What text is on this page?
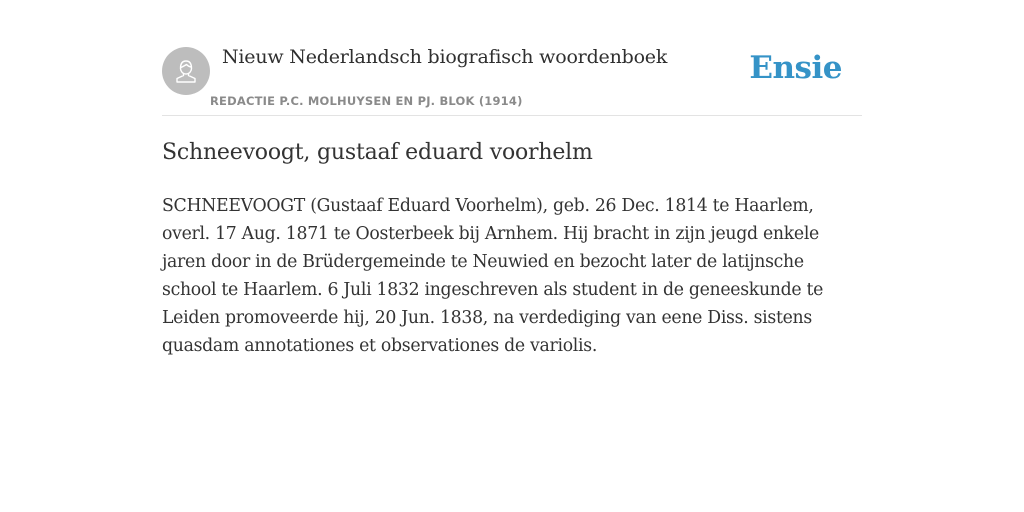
Nieuw Nederlandsch biografisch woordenboek
REDACTIE P.C. MOLHUYSEN EN PJ. BLOK (1914)
Ensie
Schneevoogt, gustaaf eduard voorhelm

SCHNEEVOOGT (Gustaaf Eduard Voorhelm), geb. 26 Dec. 1814 te Haarlem, overl. 17 Aug. 1871 te Oosterbeek bij Arnhem. Hij bracht in zijn jeugd enkele jaren door in de Brüdergemeinde te Neuwied en bezocht later de latijnsche school te Haarlem. 6 Juli 1832 ingeschreven als student in de geneeskunde te Leiden promoveerde hij, 20 Jun. 1838, na verdediging van eene Diss. sistens quasdam annotationes et observationes de variolis.
